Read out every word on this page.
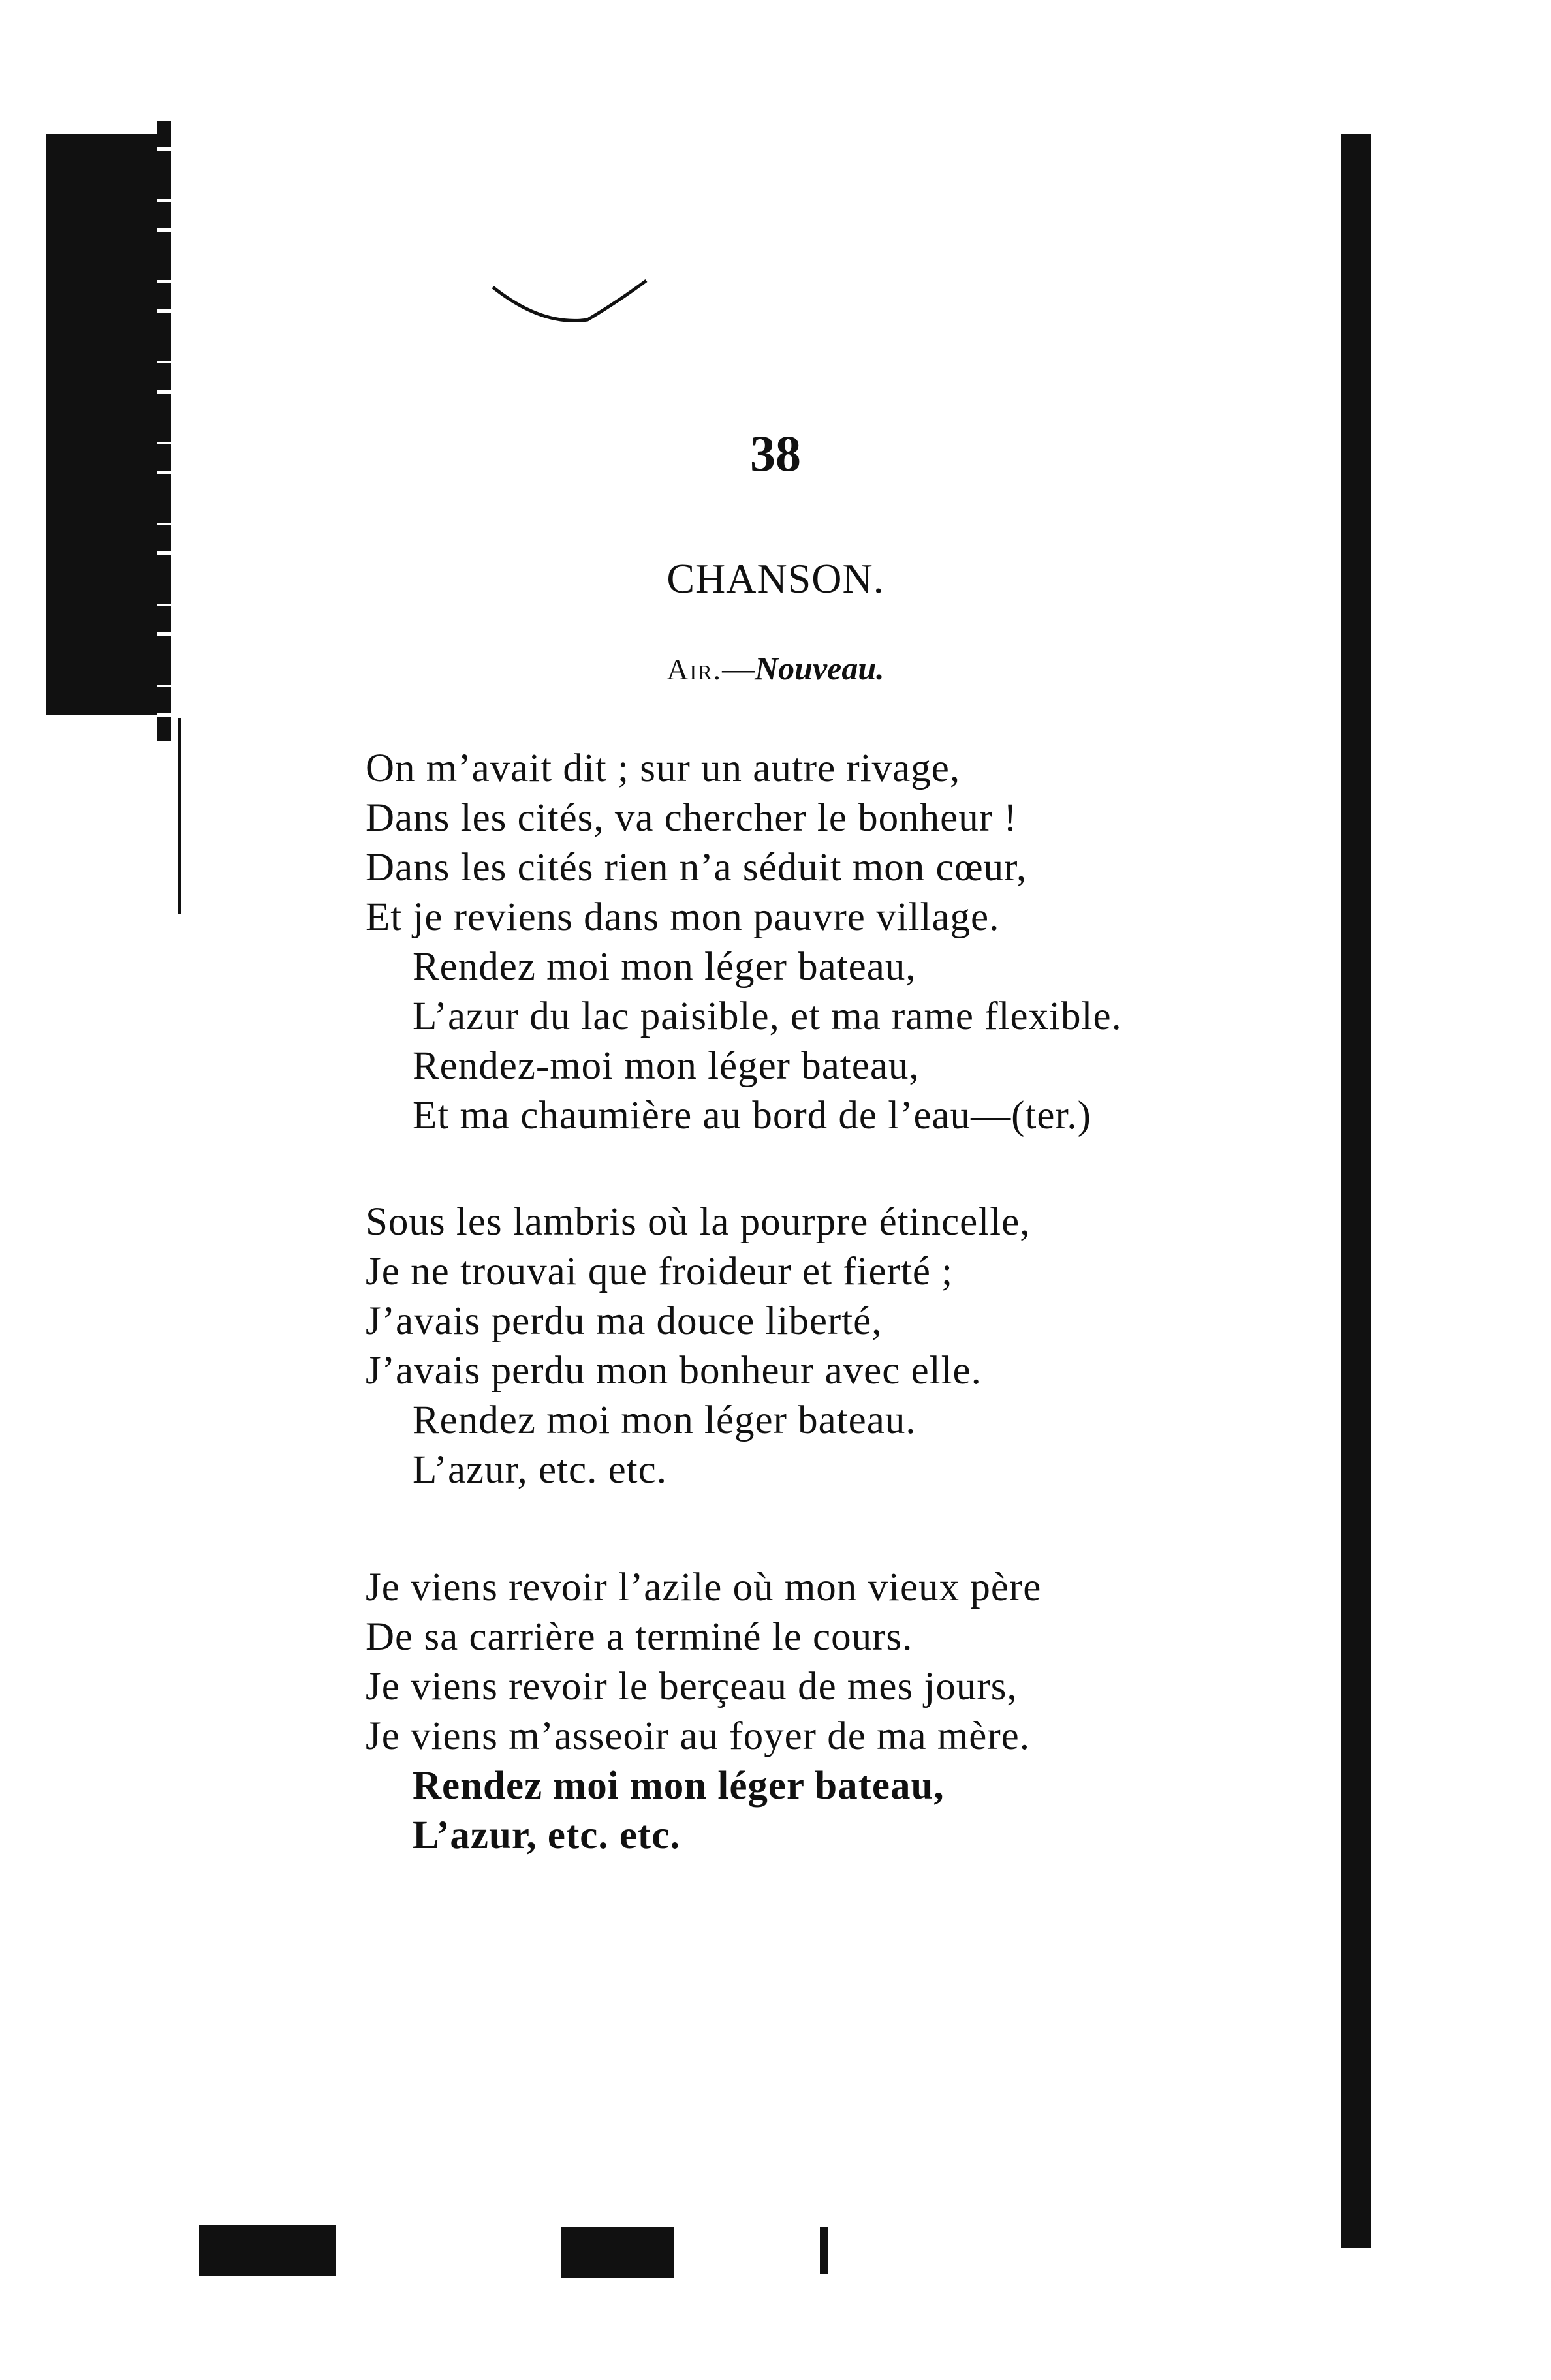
38
CHANSON.
Air.—Nouveau.
On m’avait dit ; sur un autre rivage,
Dans les cités, va chercher le bonheur !
Dans les cités rien n’a séduit mon cœur,
Et je reviens dans mon pauvre village.
Rendez moi mon léger bateau,
L’azur du lac paisible, et ma rame flexible.
Rendez-moi mon léger bateau,
Et ma chaumière au bord de l’eau—(ter.)
Sous les lambris où la pourpre étincelle,
Je ne trouvai que froideur et fierté ;
J’avais perdu ma douce liberté,
J’avais perdu mon bonheur avec elle.
Rendez moi mon léger bateau.
L’azur, etc. etc.
Je viens revoir l’azile où mon vieux père
De sa carrière a terminé le cours.
Je viens revoir le berçeau de mes jours,
Je viens m’asseoir au foyer de ma mère.
Rendez moi mon léger bateau,
L’azur, etc. etc.
